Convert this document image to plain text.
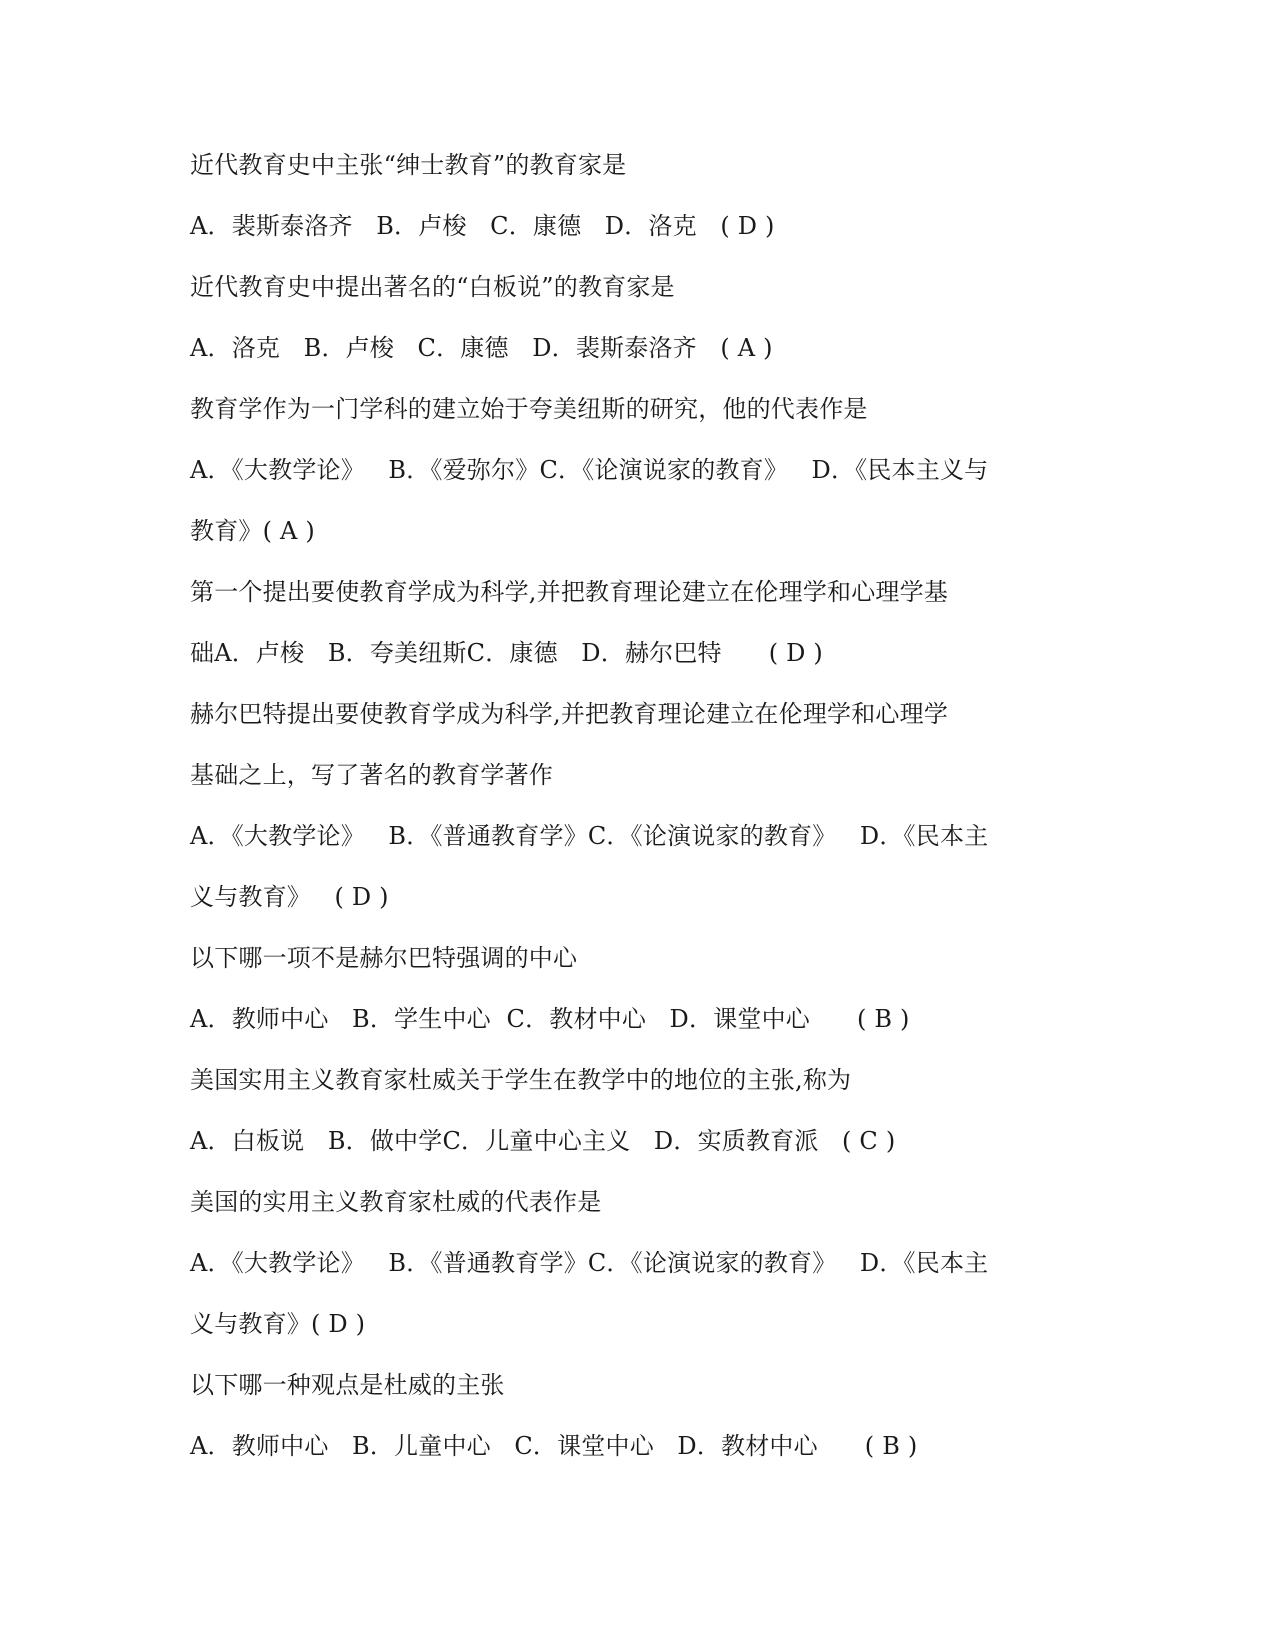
近代教育史中主张“绅士教育”的教育家是
A．裴斯泰洛齐   B．卢梭   C．康德   D．洛克   ( D )
近代教育史中提出著名的“白板说”的教育家是
A．洛克   B．卢梭   C．康德   D．裴斯泰洛齐   ( A )
教育学作为一门学科的建立始于夸美纽斯的研究，他的代表作是
A．《大教学论》   B．《爱弥尔》C．《论演说家的教育》   D．《民本主义与
教育》( A )
第一个提出要使教育学成为科学,并把教育理论建立在伦理学和心理学基
础A．卢梭   B．夸美纽斯C．康德   D．赫尔巴特      ( D )
赫尔巴特提出要使教育学成为科学,并把教育理论建立在伦理学和心理学
基础之上，写了著名的教育学著作
A．《大教学论》   B．《普通教育学》C．《论演说家的教育》   D．《民本主
义与教育》   ( D )
以下哪一项不是赫尔巴特强调的中心
A．教师中心   B．学生中心  C．教材中心   D．课堂中心      ( B )
美国实用主义教育家杜威关于学生在教学中的地位的主张,称为
A．白板说   B．做中学C．儿童中心主义   D．实质教育派   ( C )
美国的实用主义教育家杜威的代表作是
A．《大教学论》   B．《普通教育学》C．《论演说家的教育》   D．《民本主
义与教育》( D )
以下哪一种观点是杜威的主张
A．教师中心   B．儿童中心   C．课堂中心   D．教材中心      ( B )
